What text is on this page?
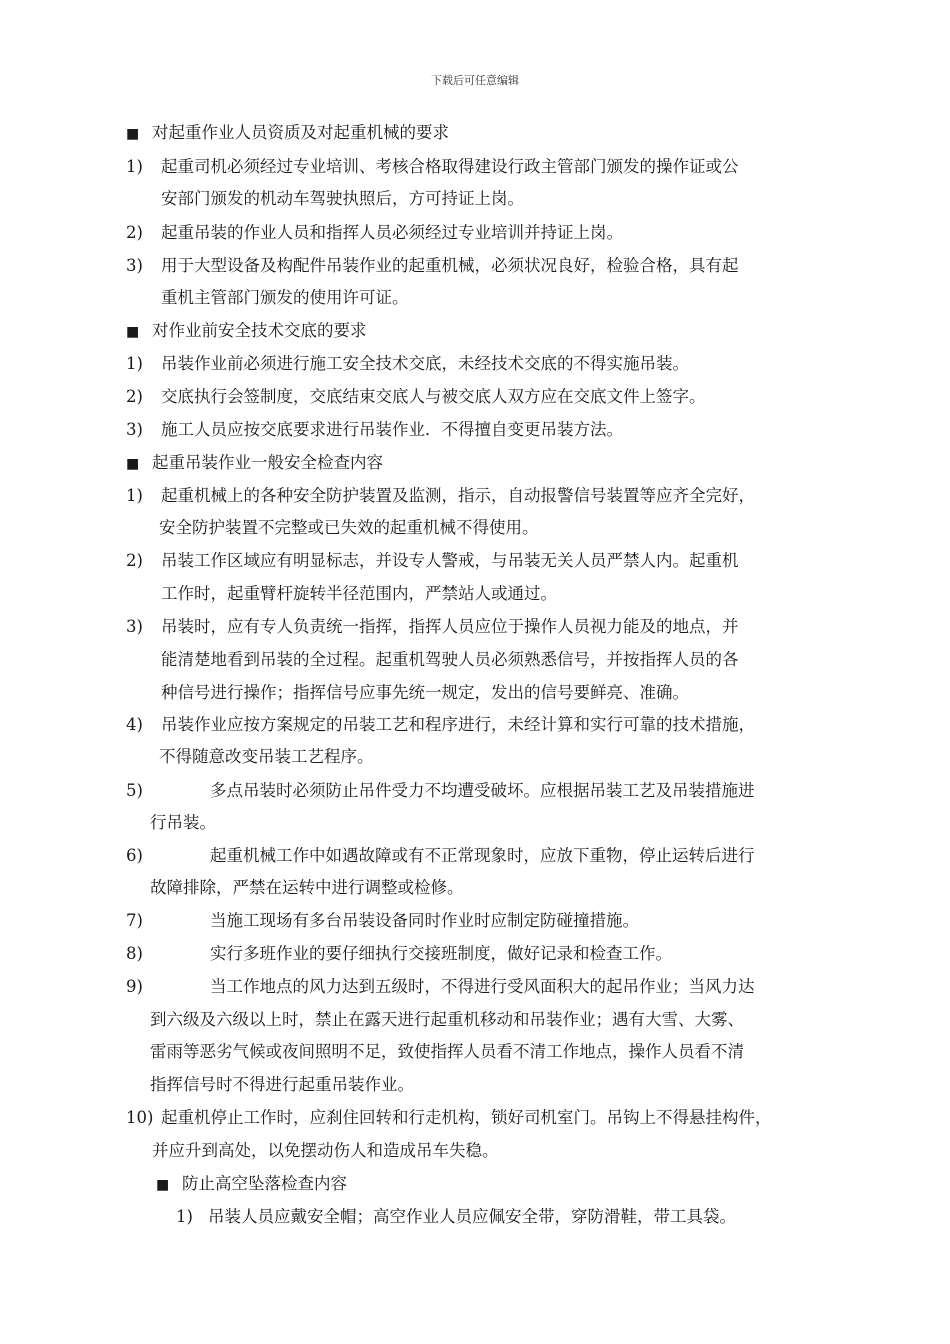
下载后可任意编辑
■ 对起重作业人员资质及对起重机械的要求
1) 起重司机必须经过专业培训、考核合格取得建设行政主管部门颁发的操作证或公
安部门颁发的机动车驾驶执照后，方可持证上岗。
2) 起重吊装的作业人员和指挥人员必须经过专业培训并持证上岗。
3) 用于大型设备及构配件吊装作业的起重机械，必须状况良好，检验合格，具有起
重机主管部门颁发的使用许可证。
■ 对作业前安全技术交底的要求
1) 吊装作业前必须进行施工安全技术交底，未经技术交底的不得实施吊装。
2) 交底执行会签制度，交底结束交底人与被交底人双方应在交底文件上签字。
3) 施工人员应按交底要求进行吊装作业．不得擅自变更吊装方法。
■ 起重吊装作业一般安全检查内容
1) 起重机械上的各种安全防护装置及监测，指示，自动报警信号装置等应齐全完好，
安全防护装置不完整或已失效的起重机械不得使用。
2) 吊装工作区域应有明显标志，并设专人警戒，与吊装无关人员严禁人内。起重机
工作时，起重臂杆旋转半径范围内，严禁站人或通过。
3) 吊装时，应有专人负责统一指挥，指挥人员应位于操作人员视力能及的地点，并
能清楚地看到吊装的全过程。起重机驾驶人员必须熟悉信号，并按指挥人员的各
种信号进行操作；指挥信号应事先统一规定，发出的信号要鲜亮、准确。
4) 吊装作业应按方案规定的吊装工艺和程序进行，未经计算和实行可靠的技术措施，
不得随意改变吊装工艺程序。
5)	多点吊装时必须防止吊件受力不均遭受破坏。应根据吊装工艺及吊装措施进
行吊装。
6)	起重机械工作中如遇故障或有不正常现象时，应放下重物，停止运转后进行
故障排除，严禁在运转中进行调整或检修。
7)	当施工现场有多台吊装设备同时作业时应制定防碰撞措施。
8)	实行多班作业的要仔细执行交接班制度，做好记录和检查工作。
9)	当工作地点的风力达到五级时，不得进行受风面积大的起吊作业；当风力达
到六级及六级以上时，禁止在露天进行起重机移动和吊装作业；遇有大雪、大雾、
雷雨等恶劣气候或夜间照明不足，致使指挥人员看不清工作地点，操作人员看不清
指挥信号时不得进行起重吊装作业。
10) 起重机停止工作时，应刹住回转和行走机构，锁好司机室门。吊钩上不得悬挂构件，
并应升到高处，以免摆动伤人和造成吊车失稳。
■ 防止高空坠落检查内容
1) 吊装人员应戴安全帽；高空作业人员应佩安全带，穿防滑鞋，带工具袋。
